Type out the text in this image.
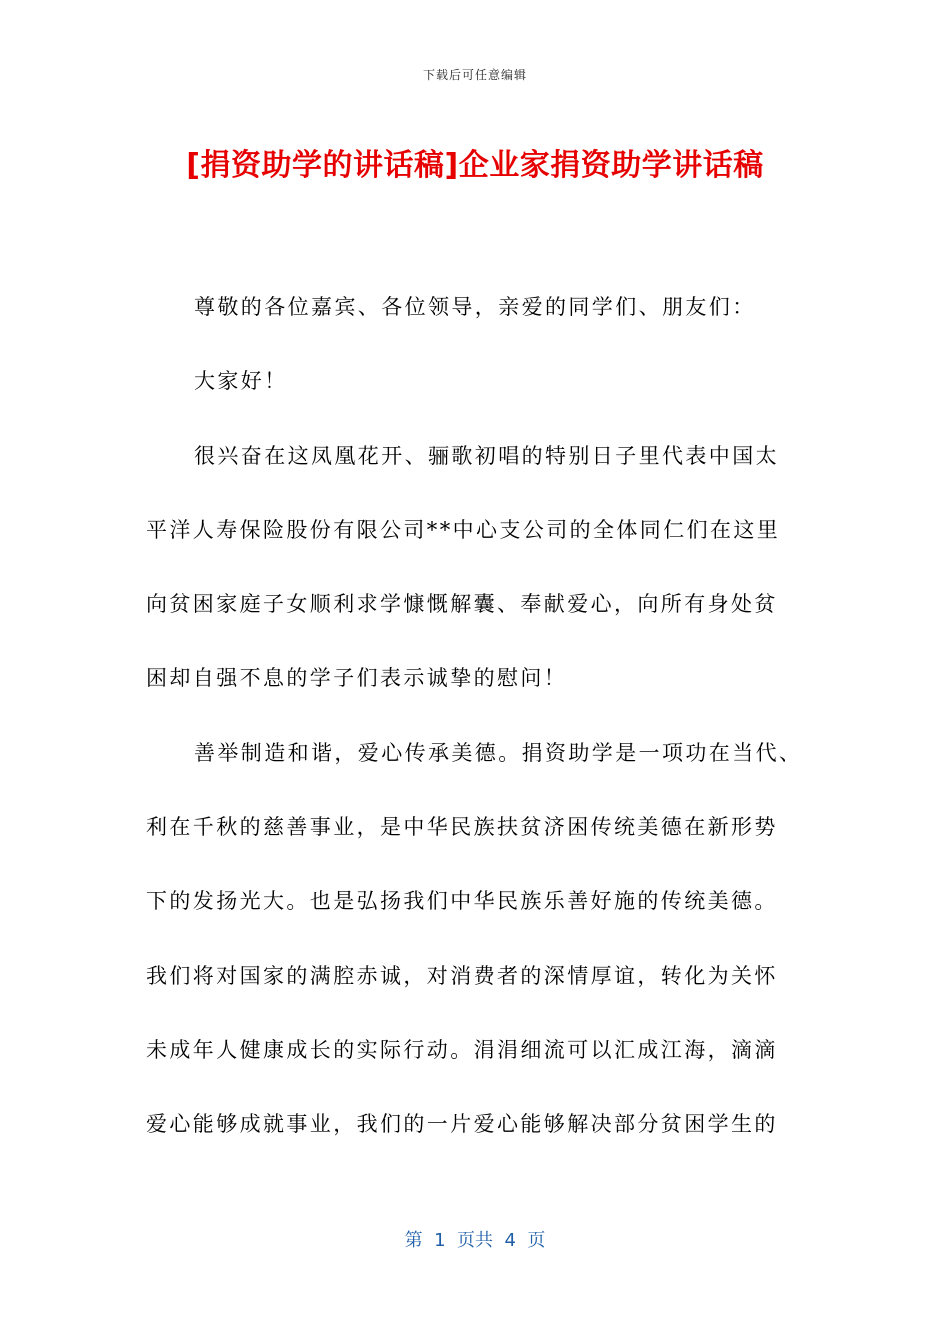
下载后可任意编辑
[捐资助学的讲话稿]企业家捐资助学讲话稿
尊敬的各位嘉宾、各位领导，亲爱的同学们、朋友们：
大家好！
很兴奋在这凤凰花开、骊歌初唱的特别日子里代表中国太
平洋人寿保险股份有限公司**中心支公司的全体同仁们在这里
向贫困家庭子女顺利求学慷慨解囊、奉献爱心，向所有身处贫
困却自强不息的学子们表示诚挚的慰问！
善举制造和谐，爱心传承美德。捐资助学是一项功在当代、
利在千秋的慈善事业，是中华民族扶贫济困传统美德在新形势
下的发扬光大。也是弘扬我们中华民族乐善好施的传统美德。
我们将对国家的满腔赤诚，对消费者的深情厚谊，转化为关怀
未成年人健康成长的实际行动。涓涓细流可以汇成江海，滴滴
爱心能够成就事业，我们的一片爱心能够解决部分贫困学生的
第  1  页共  4  页
